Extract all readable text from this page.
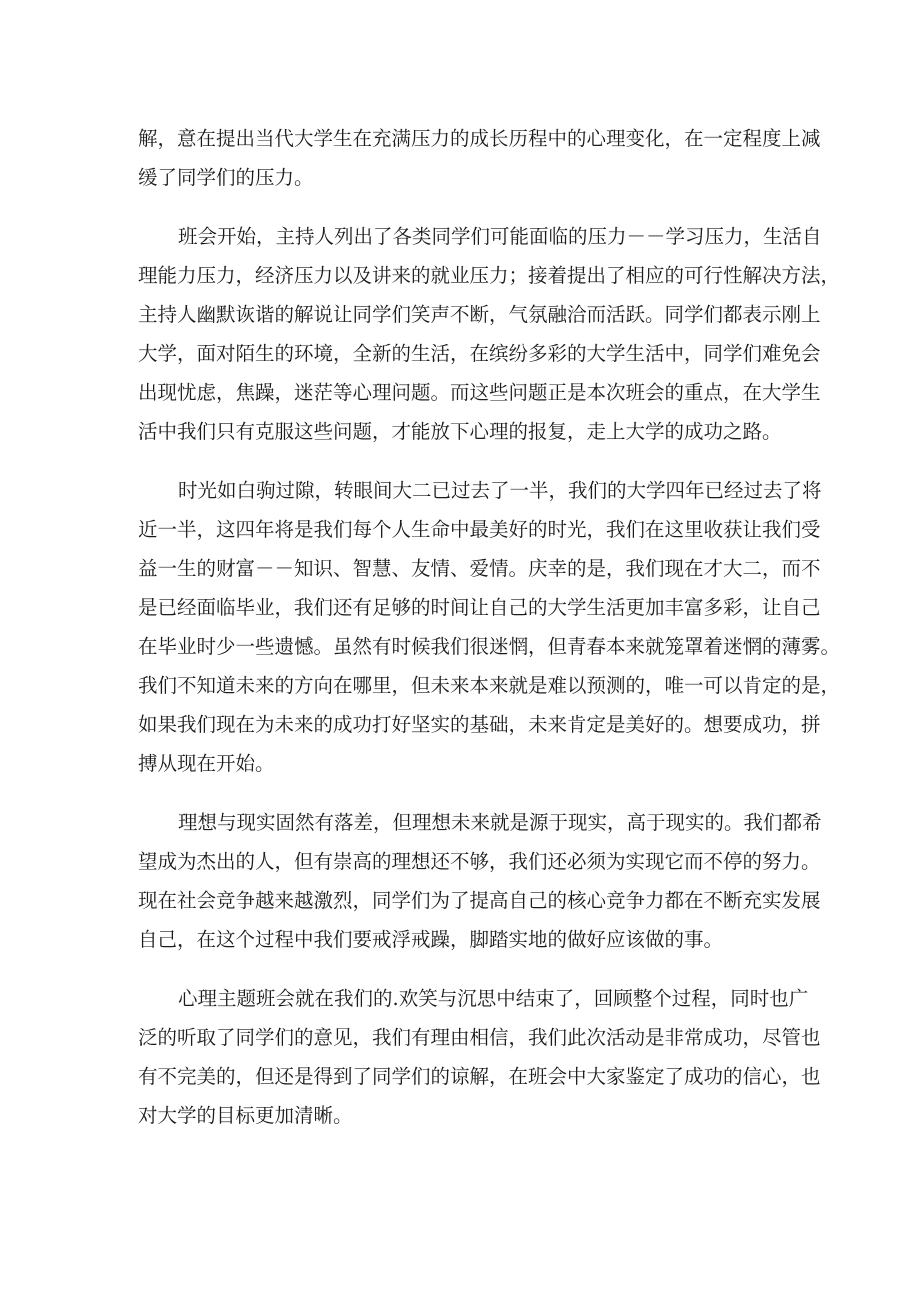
解，意在提出当代大学生在充满压力的成长历程中的心理变化，在一定程度上减
缓了同学们的压力。
班会开始，主持人列出了各类同学们可能面临的压力－－学习压力，生活自
理能力压力，经济压力以及讲来的就业压力；接着提出了相应的可行性解决方法，
主持人幽默诙谐的解说让同学们笑声不断，气氛融洽而活跃。同学们都表示刚上
大学，面对陌生的环境，全新的生活，在缤纷多彩的大学生活中，同学们难免会
出现忧虑，焦躁，迷茫等心理问题。而这些问题正是本次班会的重点，在大学生
活中我们只有克服这些问题，才能放下心理的报复，走上大学的成功之路。
时光如白驹过隙，转眼间大二已过去了一半，我们的大学四年已经过去了将
近一半，这四年将是我们每个人生命中最美好的时光，我们在这里收获让我们受
益一生的财富－－知识、智慧、友情、爱情。庆幸的是，我们现在才大二，而不
是已经面临毕业，我们还有足够的时间让自己的大学生活更加丰富多彩，让自己
在毕业时少一些遗憾。虽然有时候我们很迷惘，但青春本来就笼罩着迷惘的薄雾。
我们不知道未来的方向在哪里，但未来本来就是难以预测的，唯一可以肯定的是，
如果我们现在为未来的成功打好坚实的基础，未来肯定是美好的。想要成功，拼
搏从现在开始。
理想与现实固然有落差，但理想未来就是源于现实，高于现实的。我们都希
望成为杰出的人，但有崇高的理想还不够，我们还必须为实现它而不停的努力。
现在社会竞争越来越激烈，同学们为了提高自己的核心竞争力都在不断充实发展
自己，在这个过程中我们要戒浮戒躁，脚踏实地的做好应该做的事。
心理主题班会就在我们的.欢笑与沉思中结束了，回顾整个过程，同时也广
泛的听取了同学们的意见，我们有理由相信，我们此次活动是非常成功，尽管也
有不完美的，但还是得到了同学们的谅解，在班会中大家鉴定了成功的信心，也
对大学的目标更加清晰。
